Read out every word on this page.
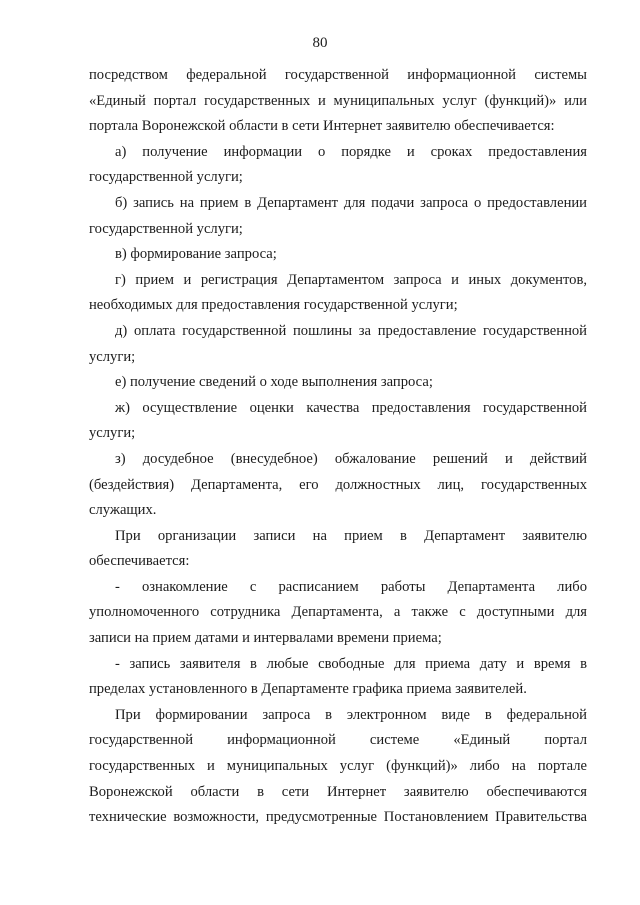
80
посредством федеральной государственной информационной системы
«Единый портал государственных и муниципальных услуг (функций)» или
портала Воронежской области в сети Интернет заявителю обеспечивается:
а) получение информации о порядке и сроках предоставления
государственной услуги;
б) запись на прием в Департамент для подачи запроса о предоставлении
государственной услуги;
в) формирование запроса;
г) прием и регистрация Департаментом запроса и иных документов,
необходимых для предоставления государственной услуги;
д) оплата государственной пошлины за предоставление государственной
услуги;
е) получение сведений о ходе выполнения запроса;
ж) осуществление оценки качества предоставления государственной
услуги;
з) досудебное (внесудебное) обжалование решений и действий
(бездействия) Департамента, его должностных лиц, государственных
служащих.
При организации записи на прием в Департамент заявителю
обеспечивается:
- ознакомление с расписанием работы Департамента либо
уполномоченного сотрудника Департамента, а также с доступными для
записи на прием датами и интервалами времени приема;
- запись заявителя в любые свободные для приема дату и время в
пределах установленного в Департаменте графика приема заявителей.
При формировании запроса в электронном виде в федеральной
государственной информационной системе «Единый портал
государственных и муниципальных услуг (функций)» либо на портале
Воронежской области в сети Интернет заявителю обеспечиваются
технические возможности, предусмотренные Постановлением Правительства
